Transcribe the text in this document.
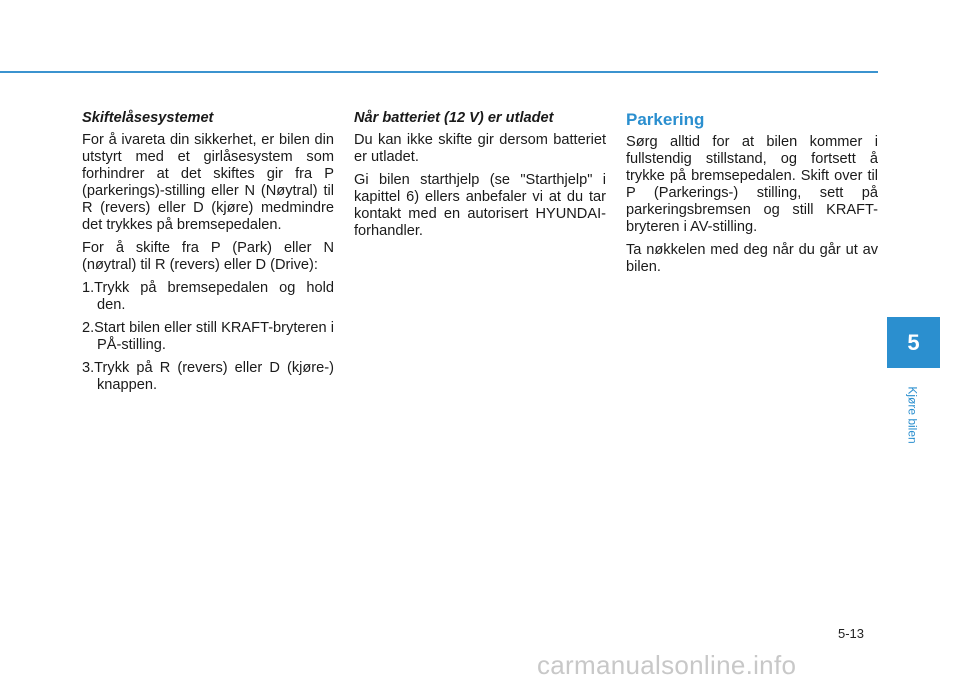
Skiftelåsesystemet

For å ivareta din sikkerhet, er bilen din utstyrt med et girlåsesystem som forhindrer at det skiftes gir fra P (parkerings)-stilling eller N (Nøytral) til R (revers) eller D (kjøre) medmindre det trykkes på bremsepedalen.

For å skifte fra P (Park) eller N (nøytral) til R (revers) eller D (Drive):

1.Trykk på bremsepedalen og hold den.
2.Start bilen eller still KRAFT-bryteren i PÅ-stilling.
3.Trykk på R (revers) eller D (kjøre-) knappen.
Når batteriet (12 V) er utladet

Du kan ikke skifte gir dersom batteriet er utladet.

Gi bilen starthjelp (se "Starthjelp" i kapittel 6) ellers anbefaler vi at du tar kontakt med en autorisert HYUNDAI-forhandler.

Parkering

Sørg alltid for at bilen kommer i fullstendig stillstand, og fortsett å trykke på bremsepedalen. Skift over til P (Parkerings-) stilling, sett på parkeringsbremsen og still KRAFT-bryteren i AV-stilling.

Ta nøkkelen med deg når du går ut av bilen.

5
Kjøre bilen
5-13
carmanualsonline.info
